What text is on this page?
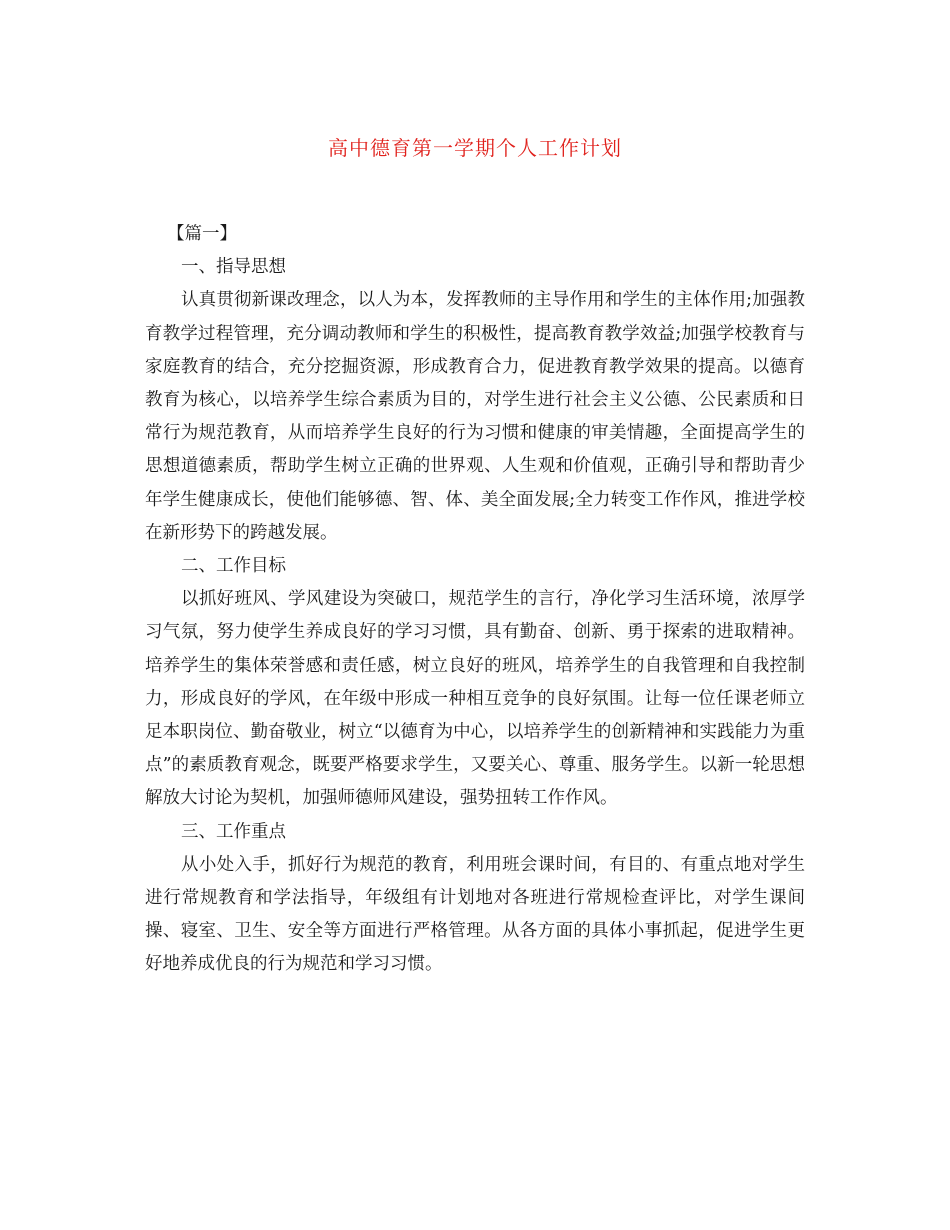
高中德育第一学期个人工作计划

【篇一】

一、指导思想

认真贯彻新课改理念，以人为本，发挥教师的主导作用和学生的主体作用;加强教育教学过程管理，充分调动教师和学生的积极性，提高教育教学效益;加强学校教育与家庭教育的结合，充分挖掘资源，形成教育合力，促进教育教学效果的提高。以德育教育为核心，以培养学生综合素质为目的，对学生进行社会主义公德、公民素质和日常行为规范教育，从而培养学生良好的行为习惯和健康的审美情趣，全面提高学生的思想道德素质，帮助学生树立正确的世界观、人生观和价值观，正确引导和帮助青少年学生健康成长，使他们能够德、智、体、美全面发展;全力转变工作作风，推进学校在新形势下的跨越发展。

二、工作目标

以抓好班风、学风建设为突破口，规范学生的言行，净化学习生活环境，浓厚学习气氛，努力使学生养成良好的学习习惯，具有勤奋、创新、勇于探索的进取精神。培养学生的集体荣誉感和责任感，树立良好的班风，培养学生的自我管理和自我控制力，形成良好的学风，在年级中形成一种相互竞争的良好氛围。让每一位任课老师立足本职岗位、勤奋敬业，树立“以德育为中心，以培养学生的创新精神和实践能力为重点”的素质教育观念，既要严格要求学生，又要关心、尊重、服务学生。以新一轮思想解放大讨论为契机，加强师德师风建设，强势扭转工作作风。

三、工作重点

从小处入手，抓好行为规范的教育，利用班会课时间，有目的、有重点地对学生进行常规教育和学法指导，年级组有计划地对各班进行常规检查评比，对学生课间操、寝室、卫生、安全等方面进行严格管理。从各方面的具体小事抓起，促进学生更好地养成优良的行为规范和学习习惯。
